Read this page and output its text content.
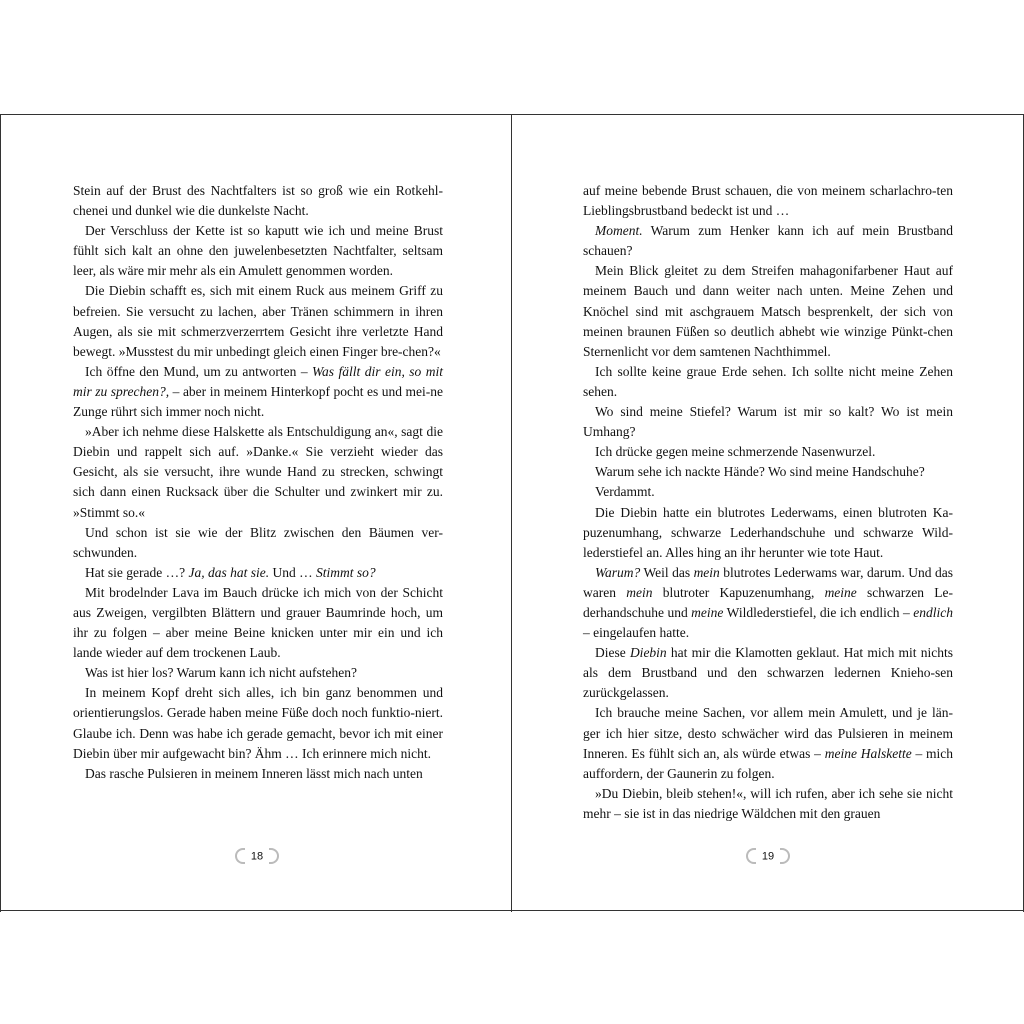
Stein auf der Brust des Nachtfalters ist so groß wie ein Rotkehl-chenei und dunkel wie die dunkelste Nacht.

Der Verschluss der Kette ist so kaputt wie ich und meine Brust fühlt sich kalt an ohne den juwelenbesetzten Nachtfalter, seltsam leer, als wäre mir mehr als ein Amulett genommen worden.

Die Diebin schafft es, sich mit einem Ruck aus meinem Griff zu befreien. Sie versucht zu lachen, aber Tränen schimmern in ihren Augen, als sie mit schmerzverzerrtem Gesicht ihre verletzte Hand bewegt. »Musstest du mir unbedingt gleich einen Finger bre-chen?«

Ich öffne den Mund, um zu antworten – Was fällt dir ein, so mit mir zu sprechen?, – aber in meinem Hinterkopf pocht es und mei-ne Zunge rührt sich immer noch nicht.

»Aber ich nehme diese Halskette als Entschuldigung an«, sagt die Diebin und rappelt sich auf. »Danke.« Sie verzieht wieder das Gesicht, als sie versucht, ihre wunde Hand zu strecken, schwingt sich dann einen Rucksack über die Schulter und zwinkert mir zu. »Stimmt so.«

Und schon ist sie wie der Blitz zwischen den Bäumen ver-schwunden.

Hat sie gerade …? Ja, das hat sie. Und … Stimmt so?

Mit brodelnder Lava im Bauch drücke ich mich von der Schicht aus Zweigen, vergilbten Blättern und grauer Baumrinde hoch, um ihr zu folgen – aber meine Beine knicken unter mir ein und ich lande wieder auf dem trockenen Laub.

Was ist hier los? Warum kann ich nicht aufstehen?

In meinem Kopf dreht sich alles, ich bin ganz benommen und orientierungslos. Gerade haben meine Füße doch noch funktio-niert. Glaube ich. Denn was habe ich gerade gemacht, bevor ich mit einer Diebin über mir aufgewacht bin? Ähm … Ich erinnere mich nicht.

Das rasche Pulsieren in meinem Inneren lässt mich nach unten

18

auf meine bebende Brust schauen, die von meinem scharlachro-ten Lieblingsbrustband bedeckt ist und …

Moment. Warum zum Henker kann ich auf mein Brustband schauen?

Mein Blick gleitet zu dem Streifen mahagonifarbener Haut auf meinem Bauch und dann weiter nach unten. Meine Zehen und Knöchel sind mit aschgrauem Matsch besprenkelt, der sich von meinen braunen Füßen so deutlich abhebt wie winzige Pünkt-chen Sternenlicht vor dem samtenen Nachthimmel.

Ich sollte keine graue Erde sehen. Ich sollte nicht meine Zehen sehen.

Wo sind meine Stiefel? Warum ist mir so kalt? Wo ist mein Umhang?

Ich drücke gegen meine schmerzende Nasenwurzel.

Warum sehe ich nackte Hände? Wo sind meine Handschuhe?

Verdammt.

Die Diebin hatte ein blutrotes Lederwams, einen blutroten Ka-puzenumhang, schwarze Lederhandschuhe und schwarze Wild-lederstiefel an. Alles hing an ihr herunter wie tote Haut.

Warum? Weil das mein blutrotes Lederwams war, darum. Und das waren mein blutroter Kapuzenumhang, meine schwarzen Le-derhandschuhe und meine Wildlederstiefel, die ich endlich – endlich – eingelaufen hatte.

Diese Diebin hat mir die Klamotten geklaut. Hat mich mit nichts als dem Brustband und den schwarzen ledernen Kniehо-sen zurückgelassen.

Ich brauche meine Sachen, vor allem mein Amulett, und je län-ger ich hier sitze, desto schwächer wird das Pulsieren in meinem Inneren. Es fühlt sich an, als würde etwas – meine Halskette – mich auffordern, der Gaunerin zu folgen.

»Du Diebin, bleib stehen!«, will ich rufen, aber ich sehe sie nicht mehr – sie ist in das niedrige Wäldchen mit den grauen

19
